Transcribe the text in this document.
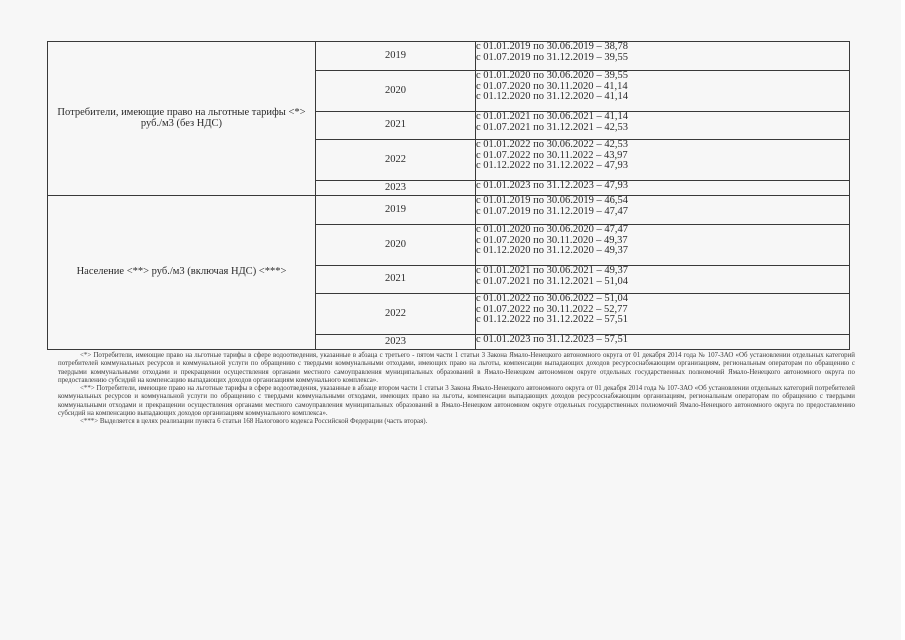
Потребители, имеющие право на льготные тарифы <*> руб./м3 (без НДС)	2019	с 01.01.2019 по 30.06.2019 – 38,78
с 01.07.2019 по 31.12.2019 – 39,55

	2020	с 01.01.2020 по 30.06.2020 – 39,55
с 01.07.2020 по 30.11.2020 – 41,14
с 01.12.2020 по 31.12.2020 – 41,14

	2021	с 01.01.2021 по 30.06.2021 – 41,14
с 01.07.2021 по 31.12.2021 – 42,53

	2022	с 01.01.2022 по 30.06.2022 – 42,53
с 01.07.2022 по 30.11.2022 – 43,97
с 01.12.2022 по 31.12.2022 – 47,93

	2023	с 01.01.2023 по 31.12.2023 – 47,93

Население <**> руб./м3 (включая НДС) <***>	2019	с 01.01.2019 по 30.06.2019 – 46,54
с 01.07.2019 по 31.12.2019 – 47,47

	2020	с 01.01.2020 по 30.06.2020 – 47,47
с 01.07.2020 по 30.11.2020 – 49,37
с 01.12.2020 по 31.12.2020 – 49,37

	2021	с 01.01.2021 по 30.06.2021 – 49,37
с 01.07.2021 по 31.12.2021 – 51,04

	2022	с 01.01.2022 по 30.06.2022 – 51,04
с 01.07.2022 по 30.11.2022 – 52,77
с 01.12.2022 по 31.12.2022 – 57,51

	2023	с 01.01.2023 по 31.12.2023 – 57,51

<*> Потребители, имеющие право на льготные тарифы в сфере водоотведения, указанные в абзаца с третьего - пятом части 1 статьи 3 Закона Ямало-Ненецкого автономного округа от 01 декабря 2014 года № 107-ЗАО «Об установлении отдельных категорий потребителей коммунальных ресурсов и коммунальной услуги по обращению с твердыми коммунальными отходами, имеющих право на льготы, компенсации выпадающих доходов ресурсоснабжающим организациям, региональным операторам по обращению с твердыми коммунальными отходами и прекращении осуществления органами местного самоуправления муниципальных образований в Ямало-Ненецком автономном округе отдельных государственных полномочий Ямало-Ненецкого автономного округа по предоставлению субсидий на компенсацию выпадающих доходов организациям коммунального комплекса».

<**> Потребители, имеющие право на льготные тарифы в сфере водоотведения, указанные в абзаце втором части 1 статьи 3 Закона Ямало-Ненецкого автономного округа от 01 декабря 2014 года № 107-ЗАО «Об установлении отдельных категорий потребителей коммунальных ресурсов и коммунальной услуги по обращению с твердыми коммунальными отходами, имеющих право на льготы, компенсации выпадающих доходов ресурсоснабжающим организациям, региональным операторам по обращению с твердыми коммунальными отходами и прекращении осуществления органами местного самоуправления муниципальных образований в Ямало-Ненецком автономном округе отдельных государственных полномочий Ямало-Ненецкого автономного округа по предоставлению субсидий на компенсацию выпадающих доходов организациям коммунального комплекса».

<***> Выделяется в целях реализации пункта 6 статьи 168 Налогового кодекса Российской Федерации (часть вторая).
